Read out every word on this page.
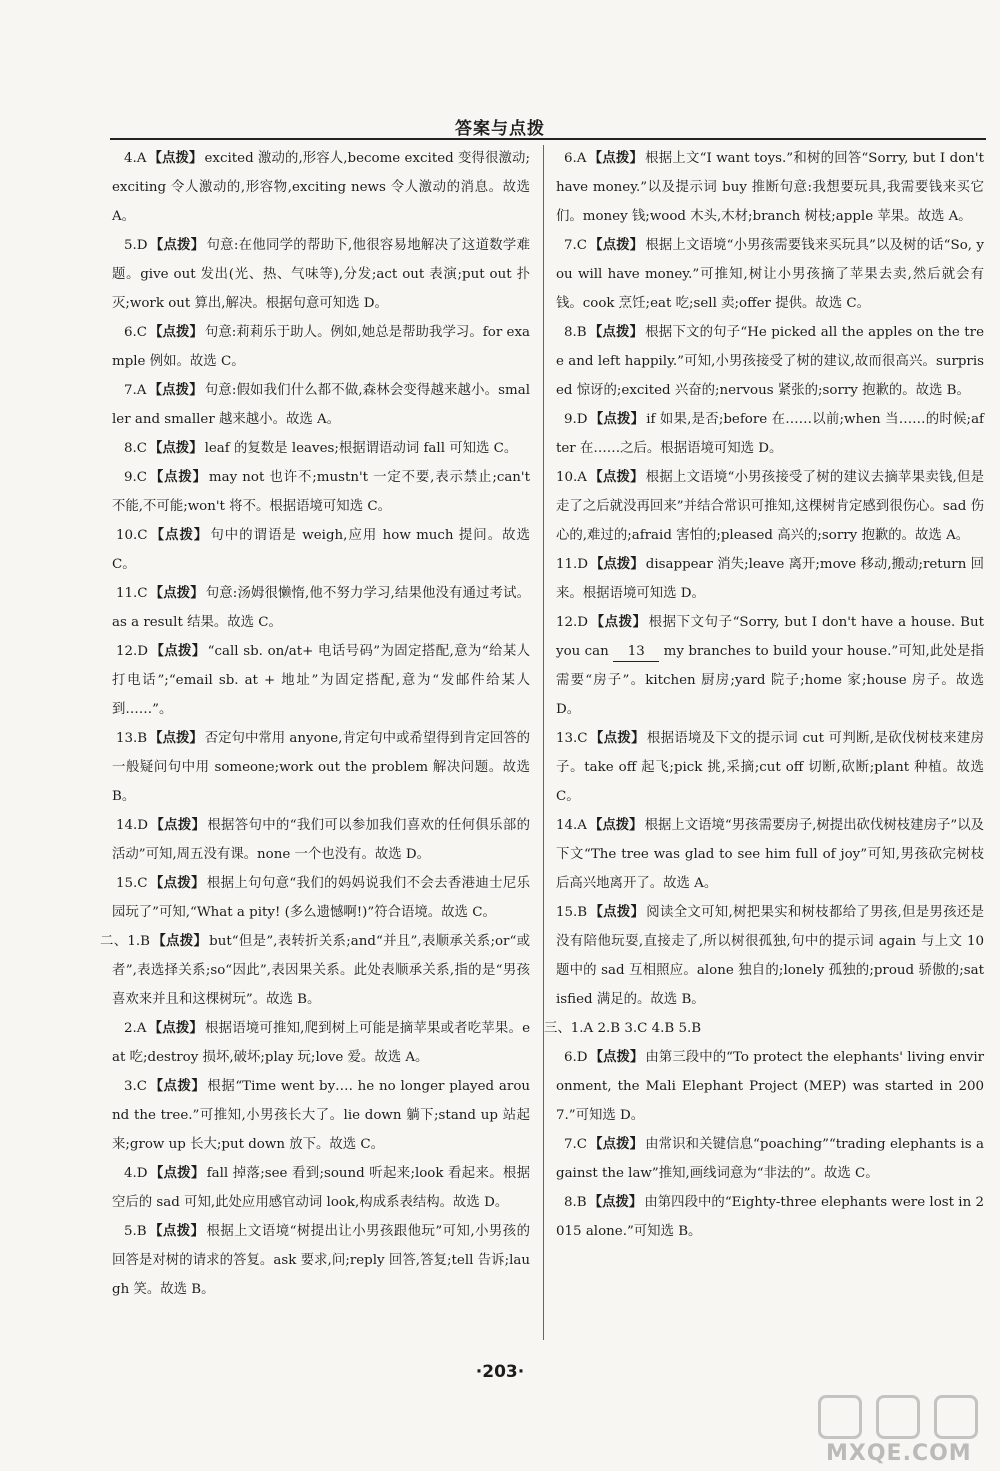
答案与点拨
4.A 【点拨】 excited 激动的,形容人,become excited 变得很激动;exciting 令人激动的,形容物,exciting news 令人激动的消息。故选 A。
5.D 【点拨】 句意:在他同学的帮助下,他很容易地解决了这道数学难题。give out 发出(光、热、气味等),分发;act out 表演;put out 扑灭;work out 算出,解决。根据句意可知选 D。
6.C 【点拨】 句意:莉莉乐于助人。例如,她总是帮助我学习。for example 例如。故选 C。
7.A 【点拨】 句意:假如我们什么都不做,森林会变得越来越小。smaller and smaller 越来越小。故选 A。
8.C 【点拨】 leaf 的复数是 leaves;根据谓语动词 fall 可知选 C。
9.C 【点拨】 may not 也许不;mustn't 一定不要,表示禁止;can't 不能,不可能;won't 将不。根据语境可知选 C。
10.C 【点拨】 句中的谓语是 weigh,应用 how much 提问。故选 C。
11.C 【点拨】 句意:汤姆很懒惰,他不努力学习,结果他没有通过考试。as a result 结果。故选 C。
12.D 【点拨】 “call sb. on/at+ 电话号码”为固定搭配,意为“给某人打电话”;“email sb. at + 地址”为固定搭配,意为“发邮件给某人到……”。
13.B 【点拨】 否定句中常用 anyone,肯定句中或希望得到肯定回答的一般疑问句中用 someone;work out the problem 解决问题。故选 B。
14.D 【点拨】 根据答句中的“我们可以参加我们喜欢的任何俱乐部的活动”可知,周五没有课。none 一个也没有。故选 D。
15.C 【点拨】 根据上句句意“我们的妈妈说我们不会去香港迪士尼乐园玩了”可知,“What a pity! (多么遗憾啊!)”符合语境。故选 C。
二、1.B 【点拨】 but“但是”,表转折关系;and“并且”,表顺承关系;or“或者”,表选择关系;so“因此”,表因果关系。此处表顺承关系,指的是“男孩喜欢来并且和这棵树玩”。故选 B。
2.A 【点拨】 根据语境可推知,爬到树上可能是摘苹果或者吃苹果。eat 吃;destroy 损坏,破坏;play 玩;love 爱。故选 A。
3.C 【点拨】 根据“Time went by…. he no longer played around the tree.”可推知,小男孩长大了。lie down 躺下;stand up 站起来;grow up 长大;put down 放下。故选 C。
4.D 【点拨】 fall 掉落;see 看到;sound 听起来;look 看起来。根据空后的 sad 可知,此处应用感官动词 look,构成系表结构。故选 D。
5.B 【点拨】 根据上文语境“树提出让小男孩跟他玩”可知,小男孩的回答是对树的请求的答复。ask 要求,问;reply 回答,答复;tell 告诉;laugh 笑。故选 B。
6.A 【点拨】 根据上文“I want toys.”和树的回答“Sorry, but I don't have money.”以及提示词 buy 推断句意:我想要玩具,我需要钱来买它们。money 钱;wood 木头,木材;branch 树枝;apple 苹果。故选 A。
7.C 【点拨】 根据上文语境“小男孩需要钱来买玩具”以及树的话“So, you will have money.”可推知,树让小男孩摘了苹果去卖,然后就会有钱。cook 烹饪;eat 吃;sell 卖;offer 提供。故选 C。
8.B 【点拨】 根据下文的句子“He picked all the apples on the tree and left happily.”可知,小男孩接受了树的建议,故而很高兴。surprised 惊讶的;excited 兴奋的;nervous 紧张的;sorry 抱歉的。故选 B。
9.D 【点拨】 if 如果,是否;before 在……以前;when 当……的时候;after 在……之后。根据语境可知选 D。
10.A 【点拨】 根据上文语境“小男孩接受了树的建议去摘苹果卖钱,但是走了之后就没再回来”并结合常识可推知,这棵树肯定感到很伤心。sad 伤心的,难过的;afraid 害怕的;pleased 高兴的;sorry 抱歉的。故选 A。
11.D 【点拨】 disappear 消失;leave 离开;move 移动,搬动;return 回来。根据语境可知选 D。
12.D 【点拨】 根据下文句子“Sorry, but I don't have a house. But you can 13 my branches to build your house.”可知,此处是指需要“房子”。kitchen 厨房;yard 院子;home 家;house 房子。故选 D。
13.C 【点拨】 根据语境及下文的提示词 cut 可判断,是砍伐树枝来建房子。take off 起飞;pick 挑,采摘;cut off 切断,砍断;plant 种植。故选 C。
14.A 【点拨】 根据上文语境“男孩需要房子,树提出砍伐树枝建房子”以及下文“The tree was glad to see him full of joy”可知,男孩砍完树枝后高兴地离开了。故选 A。
15.B 【点拨】 阅读全文可知,树把果实和树枝都给了男孩,但是男孩还是没有陪他玩耍,直接走了,所以树很孤独,句中的提示词 again 与上文 10 题中的 sad 互相照应。alone 独自的;lonely 孤独的;proud 骄傲的;satisfied 满足的。故选 B。
三、1.A 2.B 3.C 4.B 5.B
6.D 【点拨】 由第三段中的“To protect the elephants' living environment, the Mali Elephant Project (MEP) was started in 2007.”可知选 D。
7.C 【点拨】 由常识和关键信息“poaching”“trading elephants is against the law”推知,画线词意为“非法的”。故选 C。
8.B 【点拨】 由第四段中的“Eighty-three elephants were lost in 2015 alone.”可知选 B。
·203·
MXQE.COM
